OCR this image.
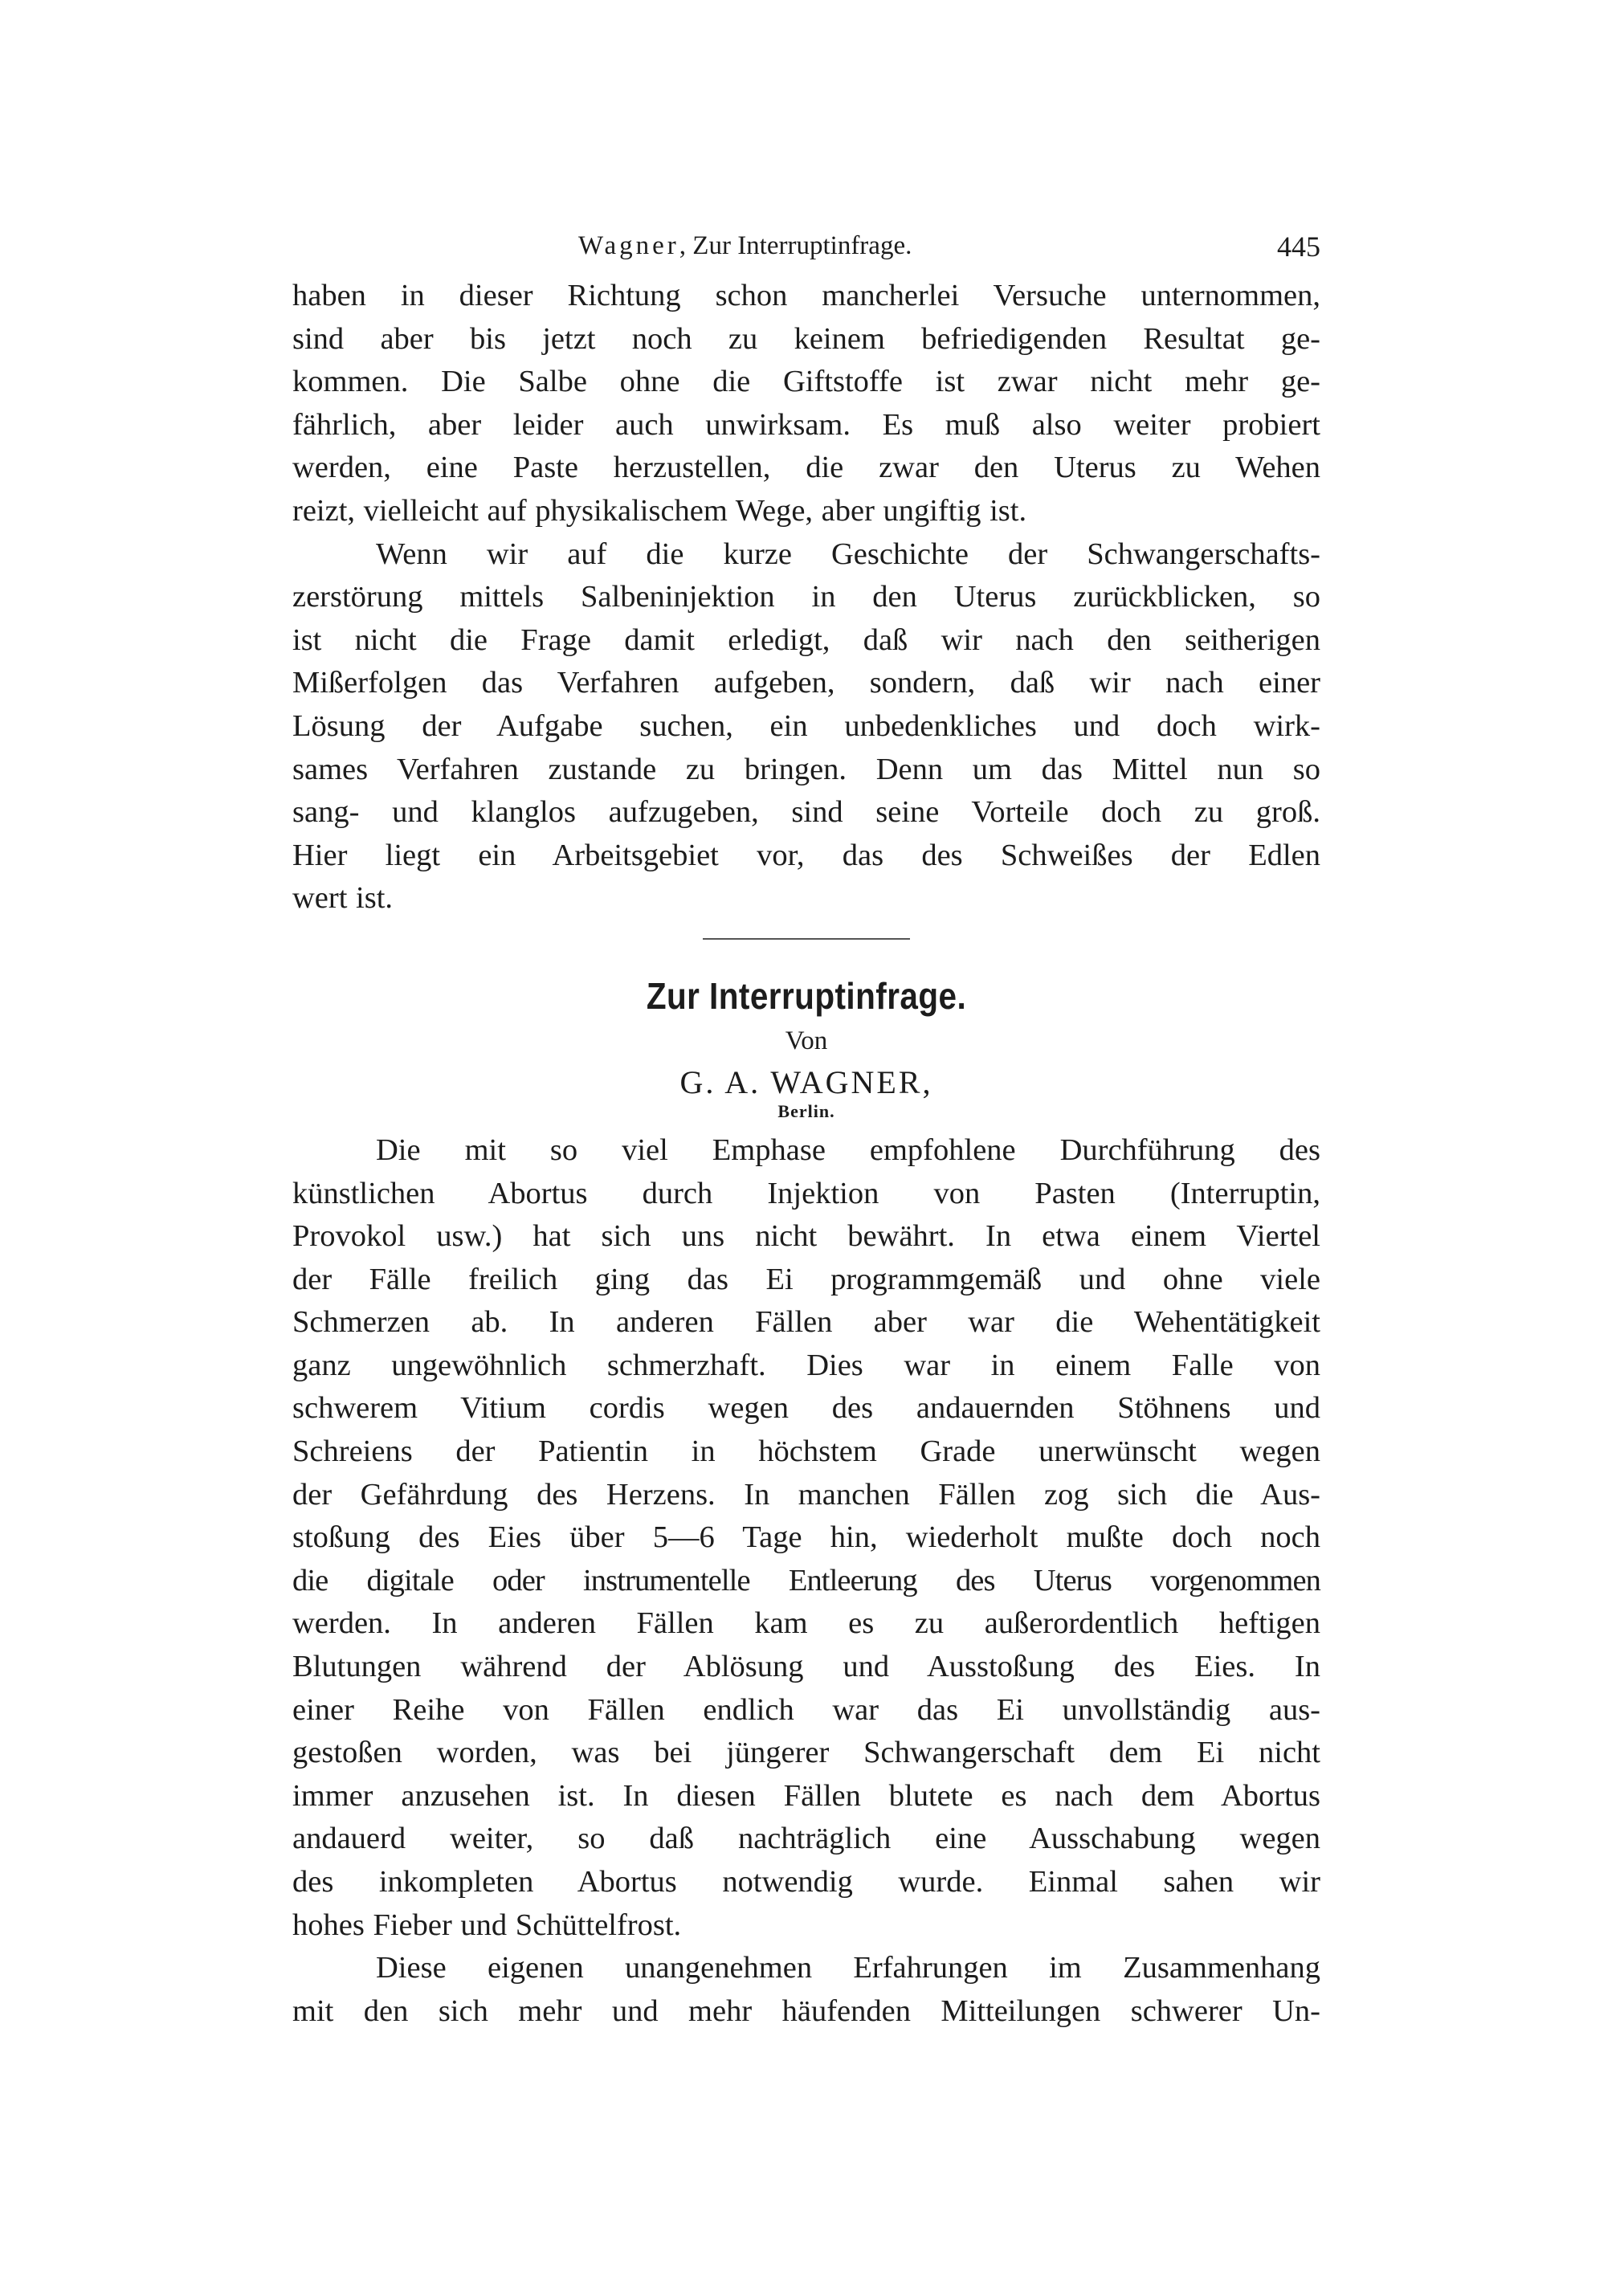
Wagner, Zur Interruptinfrage.	445

haben in dieser Richtung schon mancherlei Versuche unternommen,

sind aber bis jetzt noch zu keinem befriedigenden Resultat ge-

kommen. Die Salbe ohne die Giftstoffe ist zwar nicht mehr ge-

fährlich, aber leider auch unwirksam. Es muß also weiter probiert

werden, eine Paste herzustellen, die zwar den Uterus zu Wehen

reizt, vielleicht auf physikalischem Wege, aber ungiftig ist.

Wenn wir auf die kurze Geschichte der Schwangerschafts-

zerstörung mittels Salbeninjektion in den Uterus zurückblicken, so

ist nicht die Frage damit erledigt, daß wir nach den seitherigen

Mißerfolgen das Verfahren aufgeben, sondern, daß wir nach einer

Lösung der Aufgabe suchen, ein unbedenkliches und doch wirk-

sames Verfahren zustande zu bringen. Denn um das Mittel nun so

sang- und klanglos aufzugeben, sind seine Vorteile doch zu groß.

Hier liegt ein Arbeitsgebiet vor, das des Schweißes der Edlen

wert ist.

Zur Interruptinfrage.
Von
G. A. WAGNER,
Berlin.

Die mit so viel Emphase empfohlene Durchführung des

künstlichen Abortus durch Injektion von Pasten (Interruptin,

Provokol usw.) hat sich uns nicht bewährt. In etwa einem Viertel

der Fälle freilich ging das Ei programmgemäß und ohne viele

Schmerzen ab. In anderen Fällen aber war die Wehentätigkeit

ganz ungewöhnlich schmerzhaft. Dies war in einem Falle von

schwerem Vitium cordis wegen des andauernden Stöhnens und

Schreiens der Patientin in höchstem Grade unerwünscht wegen

der Gefährdung des Herzens. In manchen Fällen zog sich die Aus-

stoßung des Eies über 5—6 Tage hin, wiederholt mußte doch noch

die digitale oder instrumentelle Entleerung des Uterus vorgenommen

werden. In anderen Fällen kam es zu außerordentlich heftigen

Blutungen während der Ablösung und Ausstoßung des Eies. In

einer Reihe von Fällen endlich war das Ei unvollständig aus-

gestoßen worden, was bei jüngerer Schwangerschaft dem Ei nicht

immer anzusehen ist. In diesen Fällen blutete es nach dem Abortus

andauerd weiter, so daß nachträglich eine Ausschabung wegen

des inkompleten Abortus notwendig wurde. Einmal sahen wir

hohes Fieber und Schüttelfrost.

Diese eigenen unangenehmen Erfahrungen im Zusammenhang

mit den sich mehr und mehr häufenden Mitteilungen schwerer Un-
